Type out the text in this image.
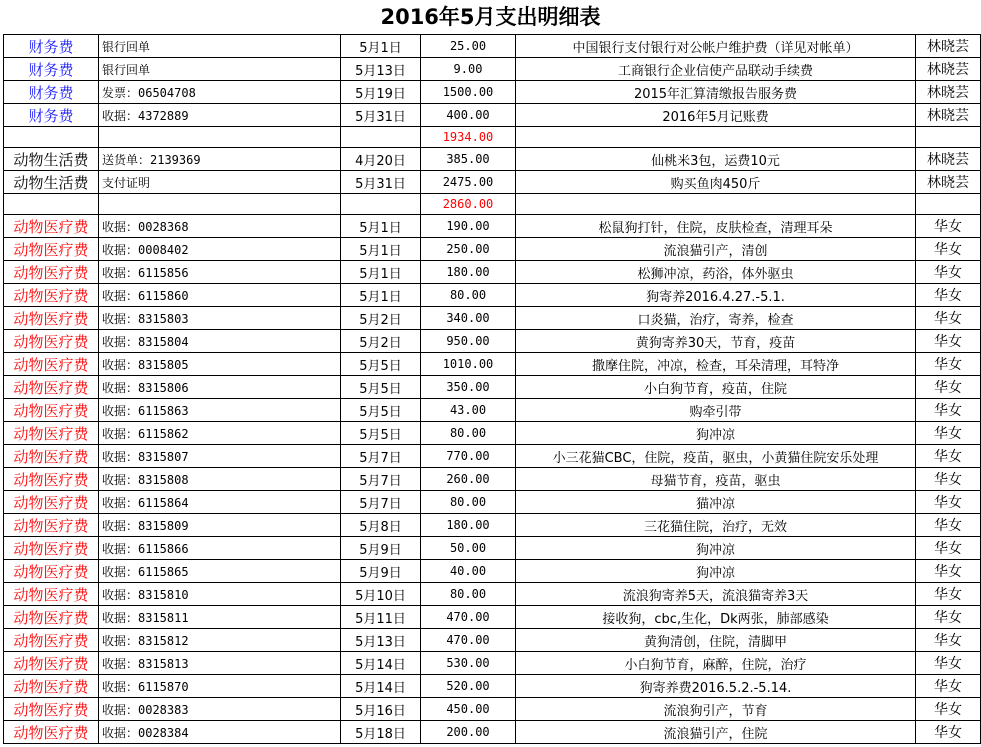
2016年5月支出明细表
财务费	银行回单	5月1日	25.00	中国银行支付银行对公帐户维护费（详见对帐单）	林晓芸
财务费	银行回单	5月13日	9.00	工商银行企业信使产品联动手续费	林晓芸
财务费	发票：06504708	5月19日	1500.00	2015年汇算清缴报告服务费	林晓芸
财务费	收据：4372889	5月31日	400.00	2016年5月记账费	林晓芸
			1934.00		
动物生活费	送货单：2139369	4月20日	385.00	仙桃米3包，运费10元	林晓芸
动物生活费	支付证明	5月31日	2475.00	购买鱼肉450斤	林晓芸
			2860.00		
动物医疗费	收据：0028368	5月1日	190.00	松鼠狗打针，住院，皮肤检查，清理耳朵	华女
动物医疗费	收据：0008402	5月1日	250.00	流浪猫引产，清创	华女
动物医疗费	收据：6115856	5月1日	180.00	松狮冲凉，药浴，体外驱虫	华女
动物医疗费	收据：6115860	5月1日	80.00	狗寄养2016.4.27.-5.1.	华女
动物医疗费	收据：8315803	5月2日	340.00	口炎猫，治疗，寄养，检查	华女
动物医疗费	收据：8315804	5月2日	950.00	黄狗寄养30天，节育，疫苗	华女
动物医疗费	收据：8315805	5月5日	1010.00	撒摩住院，冲凉，检查，耳朵清理，耳特净	华女
动物医疗费	收据：8315806	5月5日	350.00	小白狗节育，疫苗，住院	华女
动物医疗费	收据：6115863	5月5日	43.00	购牵引带	华女
动物医疗费	收据：6115862	5月5日	80.00	狗冲凉	华女
动物医疗费	收据：8315807	5月7日	770.00	小三花猫CBC，住院，疫苗，驱虫，小黄猫住院安乐处理	华女
动物医疗费	收据：8315808	5月7日	260.00	母猫节育，疫苗，驱虫	华女
动物医疗费	收据：6115864	5月7日	80.00	猫冲凉	华女
动物医疗费	收据：8315809	5月8日	180.00	三花猫住院，治疗，无效	华女
动物医疗费	收据：6115866	5月9日	50.00	狗冲凉	华女
动物医疗费	收据：6115865	5月9日	40.00	狗冲凉	华女
动物医疗费	收据：8315810	5月10日	80.00	流浪狗寄养5天，流浪猫寄养3天	华女
动物医疗费	收据：8315811	5月11日	470.00	接收狗，cbc,生化，Dk两张，肺部感染	华女
动物医疗费	收据：8315812	5月13日	470.00	黄狗清创，住院，清脚甲	华女
动物医疗费	收据：8315813	5月14日	530.00	小白狗节育，麻醉，住院，治疗	华女
动物医疗费	收据：6115870	5月14日	520.00	狗寄养费2016.5.2.-5.14.	华女
动物医疗费	收据：0028383	5月16日	450.00	流浪狗引产，节育	华女
动物医疗费	收据：0028384	5月18日	200.00	流浪猫引产，住院	华女
